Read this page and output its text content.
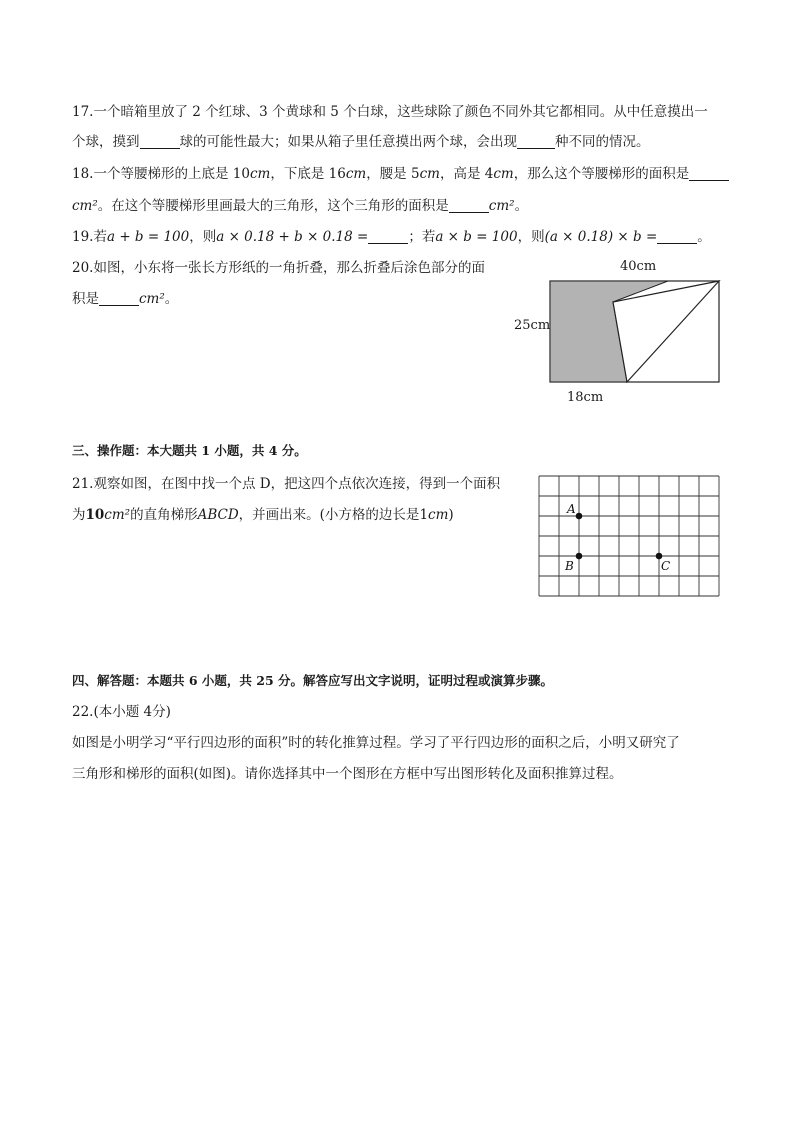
17.一个暗箱里放了 2 个红球、3 个黄球和 5 个白球，这些球除了颜色不同外其它都相同。从中任意摸出一
个球，摸到	球的可能性最大；如果从箱子里任意摸出两个球，会出现	种不同的情况。
18.一个等腰梯形的上底是 10cm，下底是 16cm，腰是 5cm，高是 4cm，那么这个等腰梯形的面积是
cm²。在这个等腰梯形里画最大的三角形，这个三角形的面积是	cm²。
19.若a + b = 100，则a × 0.18 + b × 0.18 =	；若a × b = 100，则(a × 0.18) × b =	。
20.如图，小东将一张长方形纸的一角折叠，那么折叠后涂色部分的面
积是	cm²。
40cm
25cm
18cm
三、操作题：本大题共 1 小题，共 4 分。
21.观察如图，在图中找一个点 D，把这四个点依次连接，得到一个面积
为10cm²的直角梯形ABCD，并画出来。(小方格的边长是1cm)	A
B	C
四、解答题：本题共 6 小题，共 25 分。解答应写出文字说明，证明过程或演算步骤。
22.(本小题 4分)
如图是小明学习“平行四边形的面积”时的转化推算过程。学习了平行四边形的面积之后，小明又研究了
三角形和梯形的面积(如图)。请你选择其中一个图形在方框中写出图形转化及面积推算过程。
